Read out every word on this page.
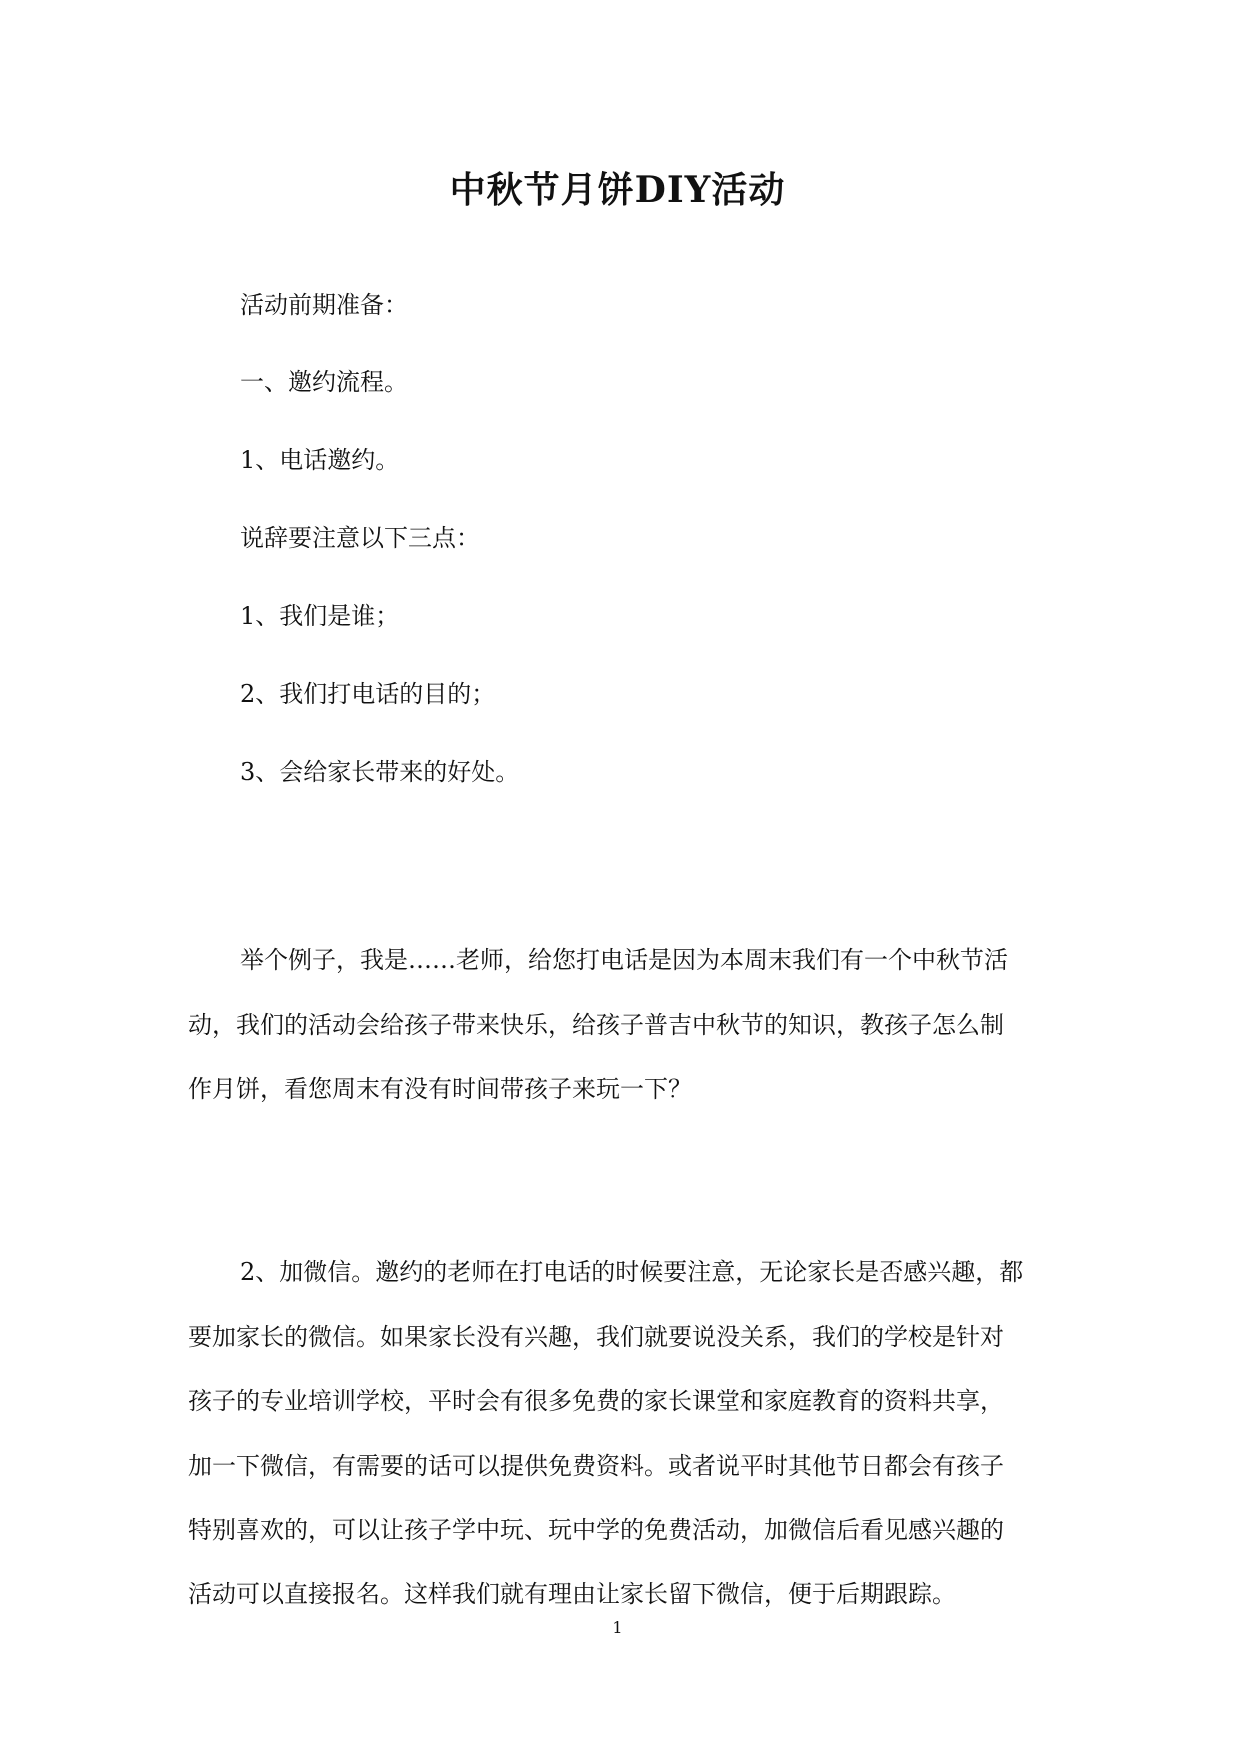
中秋节月饼DIY活动
活动前期准备：
一、邀约流程。
1、电话邀约。
说辞要注意以下三点：
1、我们是谁；
2、我们打电话的目的；
3、会给家长带来的好处。
举个例子，我是……老师，给您打电话是因为本周末我们有一个中秋节活
动，我们的活动会给孩子带来快乐，给孩子普吉中秋节的知识，教孩子怎么制
作月饼，看您周末有没有时间带孩子来玩一下？
2、加微信。邀约的老师在打电话的时候要注意，无论家长是否感兴趣，都
要加家长的微信。如果家长没有兴趣，我们就要说没关系，我们的学校是针对
孩子的专业培训学校，平时会有很多免费的家长课堂和家庭教育的资料共享，
加一下微信，有需要的话可以提供免费资料。或者说平时其他节日都会有孩子
特别喜欢的，可以让孩子学中玩、玩中学的免费活动，加微信后看见感兴趣的
活动可以直接报名。这样我们就有理由让家长留下微信，便于后期跟踪。
1
